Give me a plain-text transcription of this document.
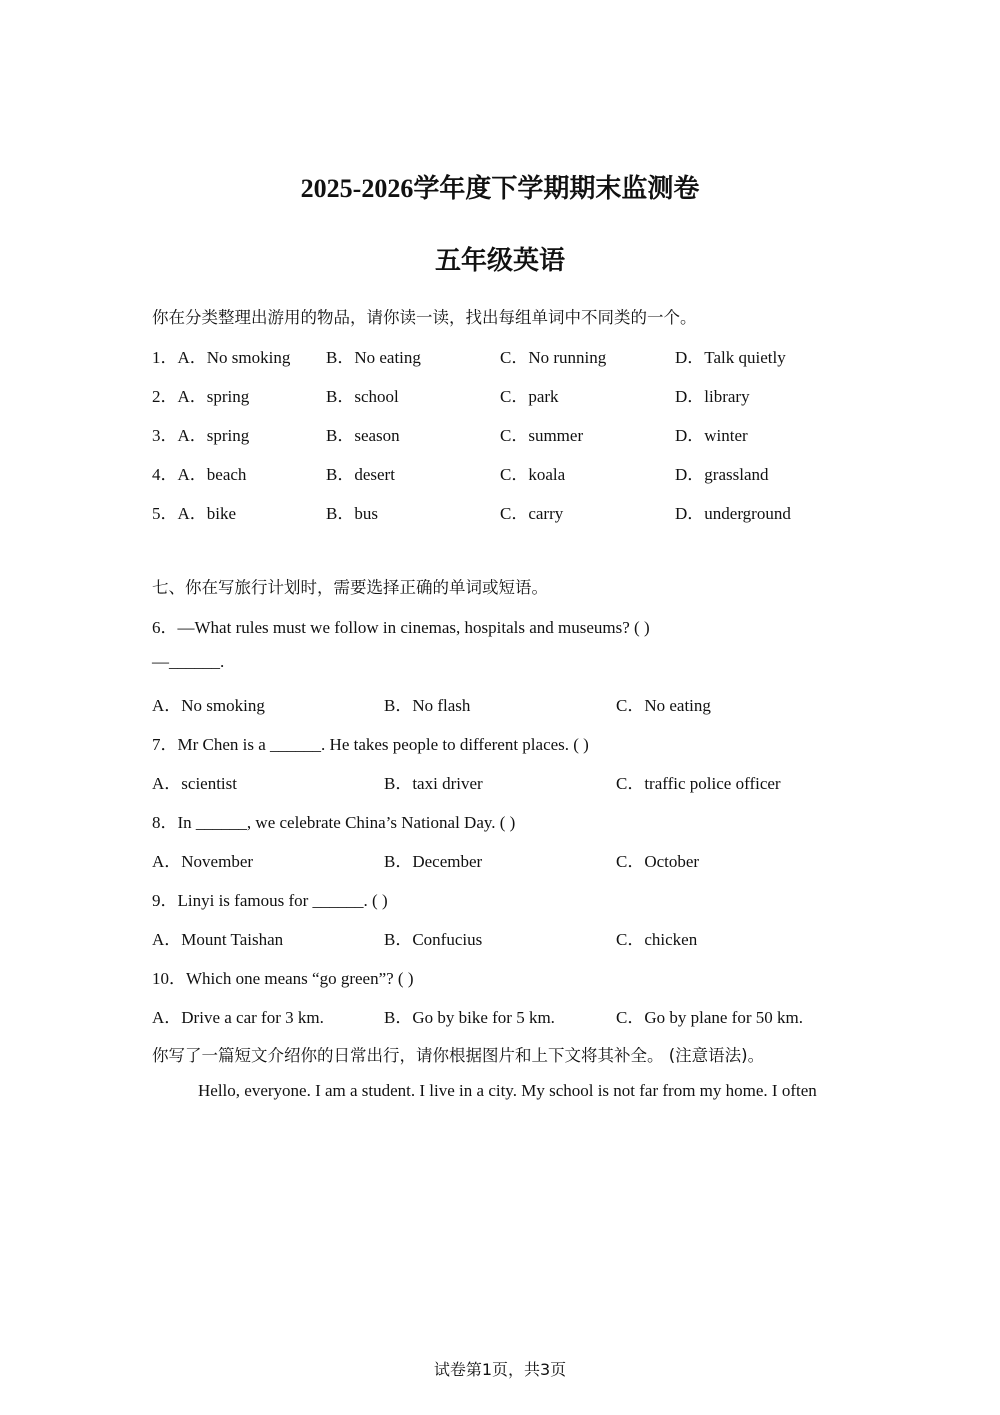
2025-2026学年度下学期期末监测卷
五年级英语
你在分类整理出游用的物品，请你读一读，找出每组单词中不同类的一个。
1．A．No smoking B．No eating	C．No running	D．Talk quietly
2．A．spring	B．school	C．park	D．library
3．A．spring	B．season	C．summer	D．winter
4．A．beach	B．desert	C．koala	D．grassland
5．A．bike	B．bus	C．carry	D．underground
七、你在写旅行计划时，需要选择正确的单词或短语。
6．—What rules must we follow in cinemas, hospitals and museums? ( )
—______.
A．No smoking	B．No flash	C．No eating
7．Mr Chen is a ______. He takes people to different places. ( )
A．scientist	B．taxi driver	C．traffic police officer
8．In ______, we celebrate China’s National Day. ( )
A．November	B．December	C．October
9．Linyi is famous for ______. ( )
A．Mount Taishan	B．Confucius	C．chicken
10．Which one means “go green”? ( )
A．Drive a car for 3 km.	B．Go by bike for 5 km.	C．Go by plane for 50 km.
你写了一篇短文介绍你的日常出行，请你根据图片和上下文将其补全。 (注意语法)。
Hello, everyone. I am a student. I live in a city. My school is not far from my home. I often
试卷第1页，共3页
